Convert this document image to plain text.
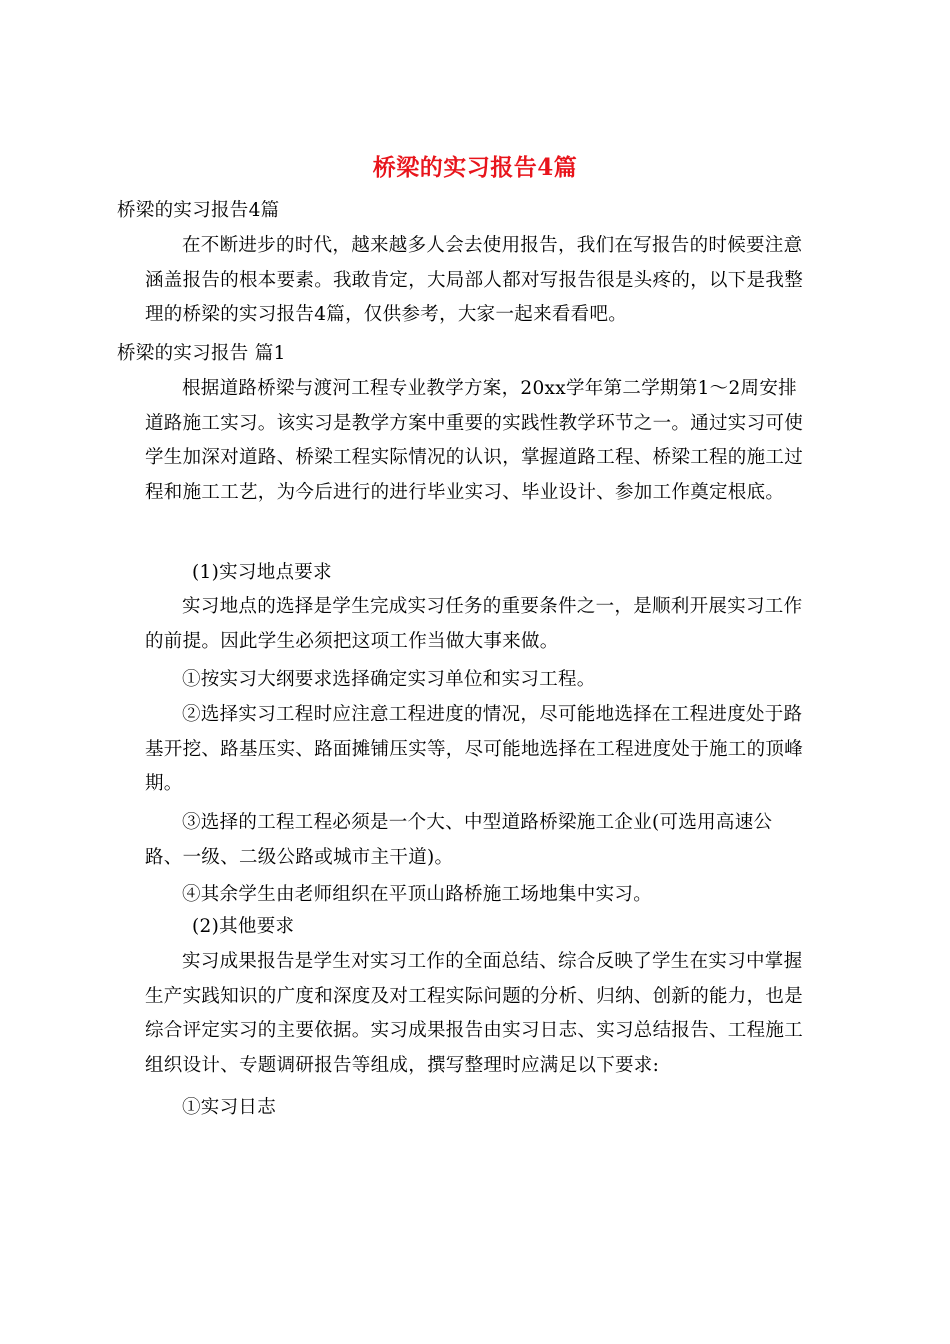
桥梁的实习报告4篇
桥梁的实习报告4篇

在不断进步的时代，越来越多人会去使用报告，我们在写报告的时候要注意涵盖报告的根本要素。我敢肯定，大局部人都对写报告很是头疼的，以下是我整理的桥梁的实习报告4篇，仅供参考，大家一起来看看吧。

桥梁的实习报告 篇1

根据道路桥梁与渡河工程专业教学方案，20xx学年第二学期第1～2周安排道路施工实习。该实习是教学方案中重要的实践性教学环节之一。通过实习可使学生加深对道路、桥梁工程实际情况的认识，掌握道路工程、桥梁工程的施工过程和施工工艺，为今后进行的进行毕业实习、毕业设计、参加工作奠定根底。

(1)实习地点要求

实习地点的选择是学生完成实习任务的重要条件之一，是顺利开展实习工作的前提。因此学生必须把这项工作当做大事来做。

①按实习大纲要求选择确定实习单位和实习工程。

②选择实习工程时应注意工程进度的情况，尽可能地选择在工程进度处于路基开挖、路基压实、路面摊铺压实等，尽可能地选择在工程进度处于施工的顶峰期。

③选择的工程工程必须是一个大、中型道路桥梁施工企业(可选用高速公路、一级、二级公路或城市主干道)。

④其余学生由老师组织在平顶山路桥施工场地集中实习。

(2)其他要求

实习成果报告是学生对实习工作的全面总结、综合反映了学生在实习中掌握生产实践知识的广度和深度及对工程实际问题的分析、归纳、创新的能力，也是综合评定实习的主要依据。实习成果报告由实习日志、实习总结报告、工程施工组织设计、专题调研报告等组成，撰写整理时应满足以下要求:

①实习日志
